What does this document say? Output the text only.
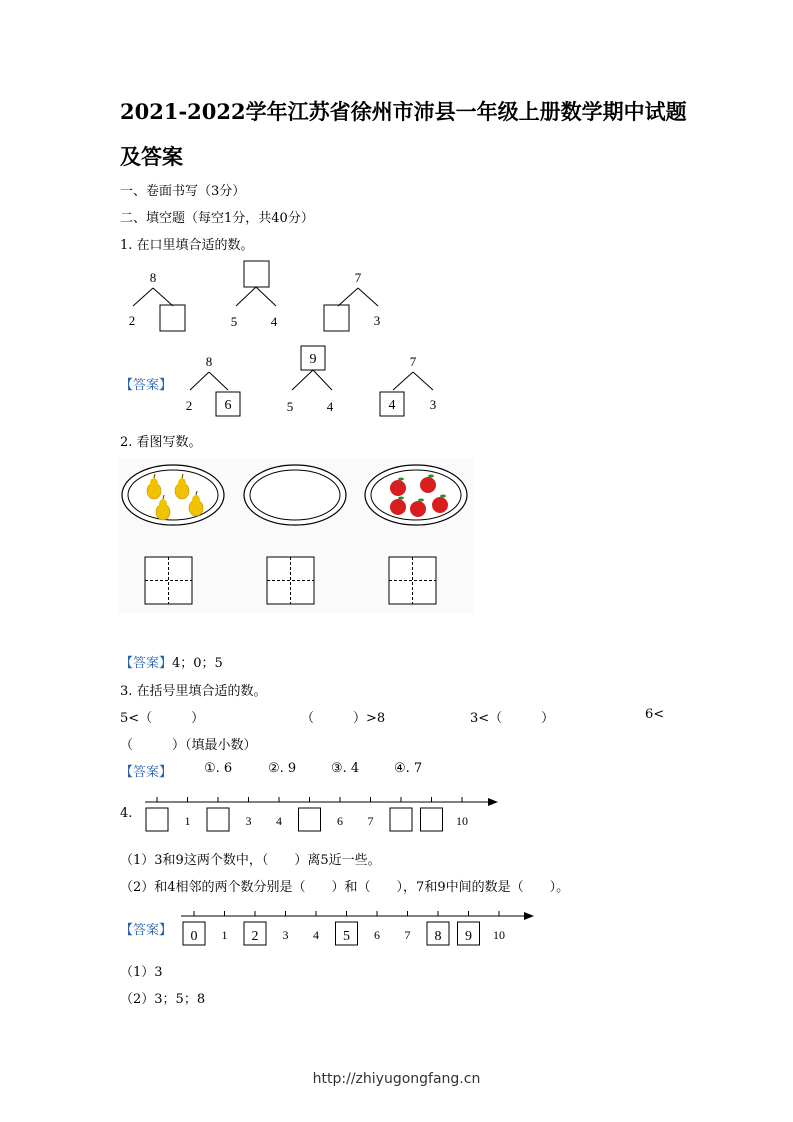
2021-2022学年江苏省徐州市沛县一年级上册数学期中试题
及答案
一、卷面书写（3分）
二、填空题（每空1分，共40分）
1. 在口里填合适的数。
8
2	5	4
7
3
【答案】
8
2 6
9
5	4
7
4	3
2. 看图写数。
【答案】4；0；5
3. 在括号里填合适的数。
5<（　　　）	（　　　）>8	3<（　　　）	6<
（　　　）（填最小数）
【答案】 ①. 6	②. 9	③. 4	④. 7
4.	1	3 4	6 7	10
（1）3和9这两个数中，（　　）离5近一些。
（2）和4相邻的两个数分别是（　　）和（　　），7和9中间的数是（　　）。
【答案】 0 1 2 3 4 5 6 7 8 9 10
（1）3
（2）3；5；8
http://zhiyugongfang.cn
